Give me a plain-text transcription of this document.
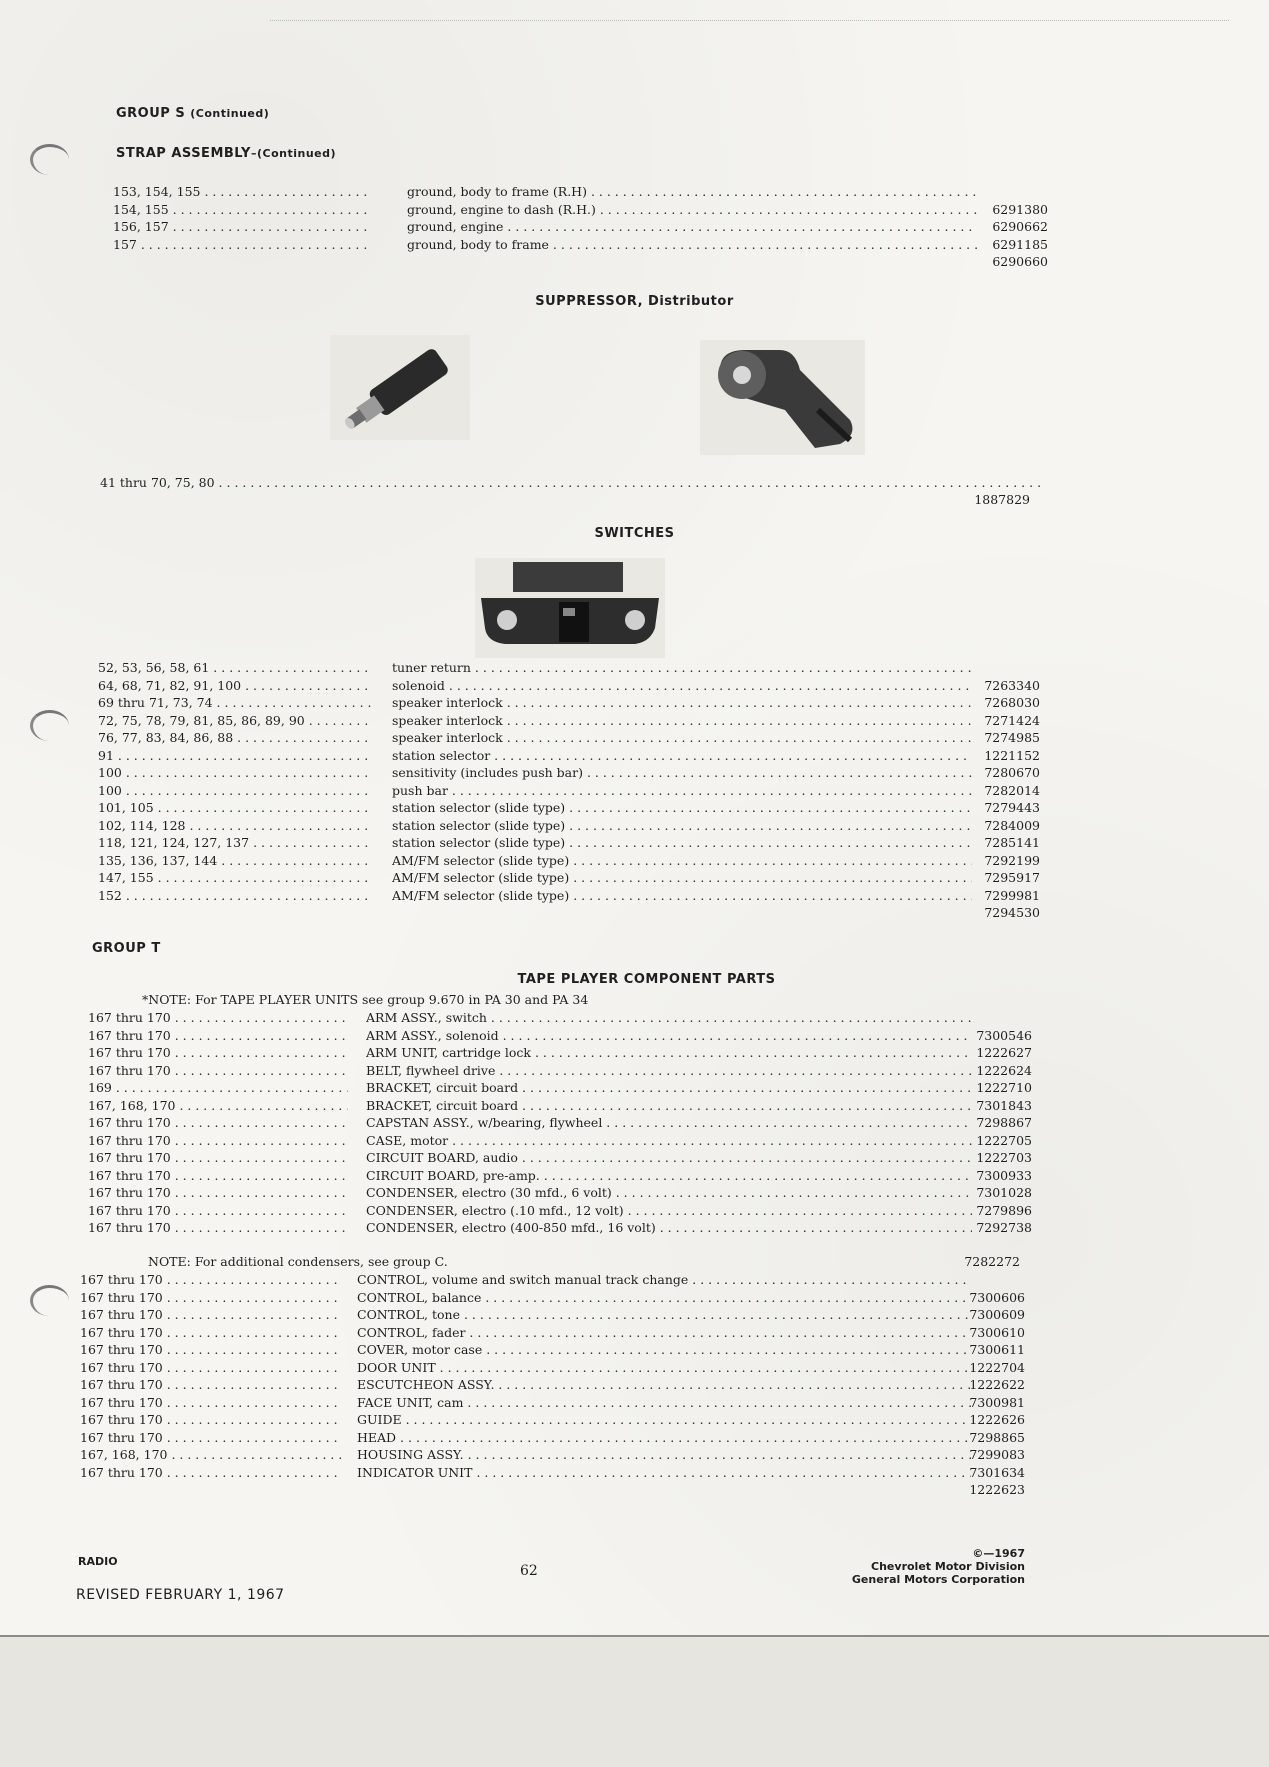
GROUP S (Continued)
STRAP ASSEMBLY–(Continued)
153, 154, 155 . . .	ground, body to frame (R.H) . . .
154, 155 . . .	ground, engine to dash (R.H.) . . .	6291380
156, 157 . . .	ground, engine . . .	6290662
157 . . .	ground, body to frame . . .	6291185
6290660
SUPPRESSOR, Distributor
41 thru 70, 75, 80 . . .
1887829
SWITCHES
52, 53, 56, 58, 61 . . .	tuner return . . .
64, 68, 71, 82, 91, 100 . . .	solenoid . . .	7263340
69 thru 71, 73, 74 . . .	speaker interlock . . .	7268030
72, 75, 78, 79, 81, 85, 86, 89, 90 . . .	speaker interlock . . .	7271424
76, 77, 83, 84, 86, 88 . . .	speaker interlock . . .	7274985
91 . . .	station selector . . .	1221152
100 . . .	sensitivity (includes push bar) . . .	7280670
100 . . .	push bar . . .	7282014
101, 105 . . .	station selector (slide type) . . .	7279443
102, 114, 128 . . .	station selector (slide type) . . .	7284009
118, 121, 124, 127, 137 . . .	station selector (slide type) . . .	7285141
135, 136, 137, 144 . . .	AM/FM selector (slide type) . . .	7292199
147, 155 . . .	AM/FM selector (slide type) . . .	7295917
152 . . .	AM/FM selector (slide type) . . .	7299981
7294530
GROUP T
TAPE PLAYER COMPONENT PARTS
*NOTE: For TAPE PLAYER UNITS see group 9.670 in PA 30 and PA 34
167 thru 170 . . .	ARM ASSY., switch . . .
167 thru 170 . . .	ARM ASSY., solenoid . . .	7300546
167 thru 170 . . .	ARM UNIT, cartridge lock . . .	1222627
167 thru 170 . . .	BELT, flywheel drive . . .	1222624
169 . . .	BRACKET, circuit board . . .	1222710
167, 168, 170 . . .	BRACKET, circuit board . . .	7301843
167 thru 170 . . .	CAPSTAN ASSY., w/bearing, flywheel . . .	7298867
167 thru 170 . . .	CASE, motor . . .	1222705
167 thru 170 . . .	CIRCUIT BOARD, audio . . .	1222703
167 thru 170 . . .	CIRCUIT BOARD, pre-amp. . . .	7300933
167 thru 170 . . .	CONDENSER, electro (30 mfd., 6 volt) . . .	7301028
167 thru 170 . . .	CONDENSER, electro (.10 mfd., 12 volt) . . .	7279896
167 thru 170 . . .	CONDENSER, electro (400-850 mfd., 16 volt) . . .	7292738
NOTE: For additional condensers, see group C.	7282272
167 thru 170 . . .	CONTROL, volume and switch manual track change . . .
167 thru 170 . . .	CONTROL, balance . . .	7300606
167 thru 170 . . .	CONTROL, tone . . .	7300609
167 thru 170 . . .	CONTROL, fader . . .	7300610
167 thru 170 . . .	COVER, motor case . . .	7300611
167 thru 170 . . .	DOOR UNIT . . .	1222704
167 thru 170 . . .	ESCUTCHEON ASSY. . . .	1222622
167 thru 170 . . .	FACE UNIT, cam . . .	7300981
167 thru 170 . . .	GUIDE . . .	1222626
167 thru 170 . . .	HEAD . . .	7298865
167, 168, 170 . . .	HOUSING ASSY. . . .	7299083
167 thru 170 . . .	INDICATOR UNIT . . .	7301634
1222623
RADIO
REVISED FEBRUARY 1, 1967
62
©—1967
Chevrolet Motor Division
General Motors Corporation
